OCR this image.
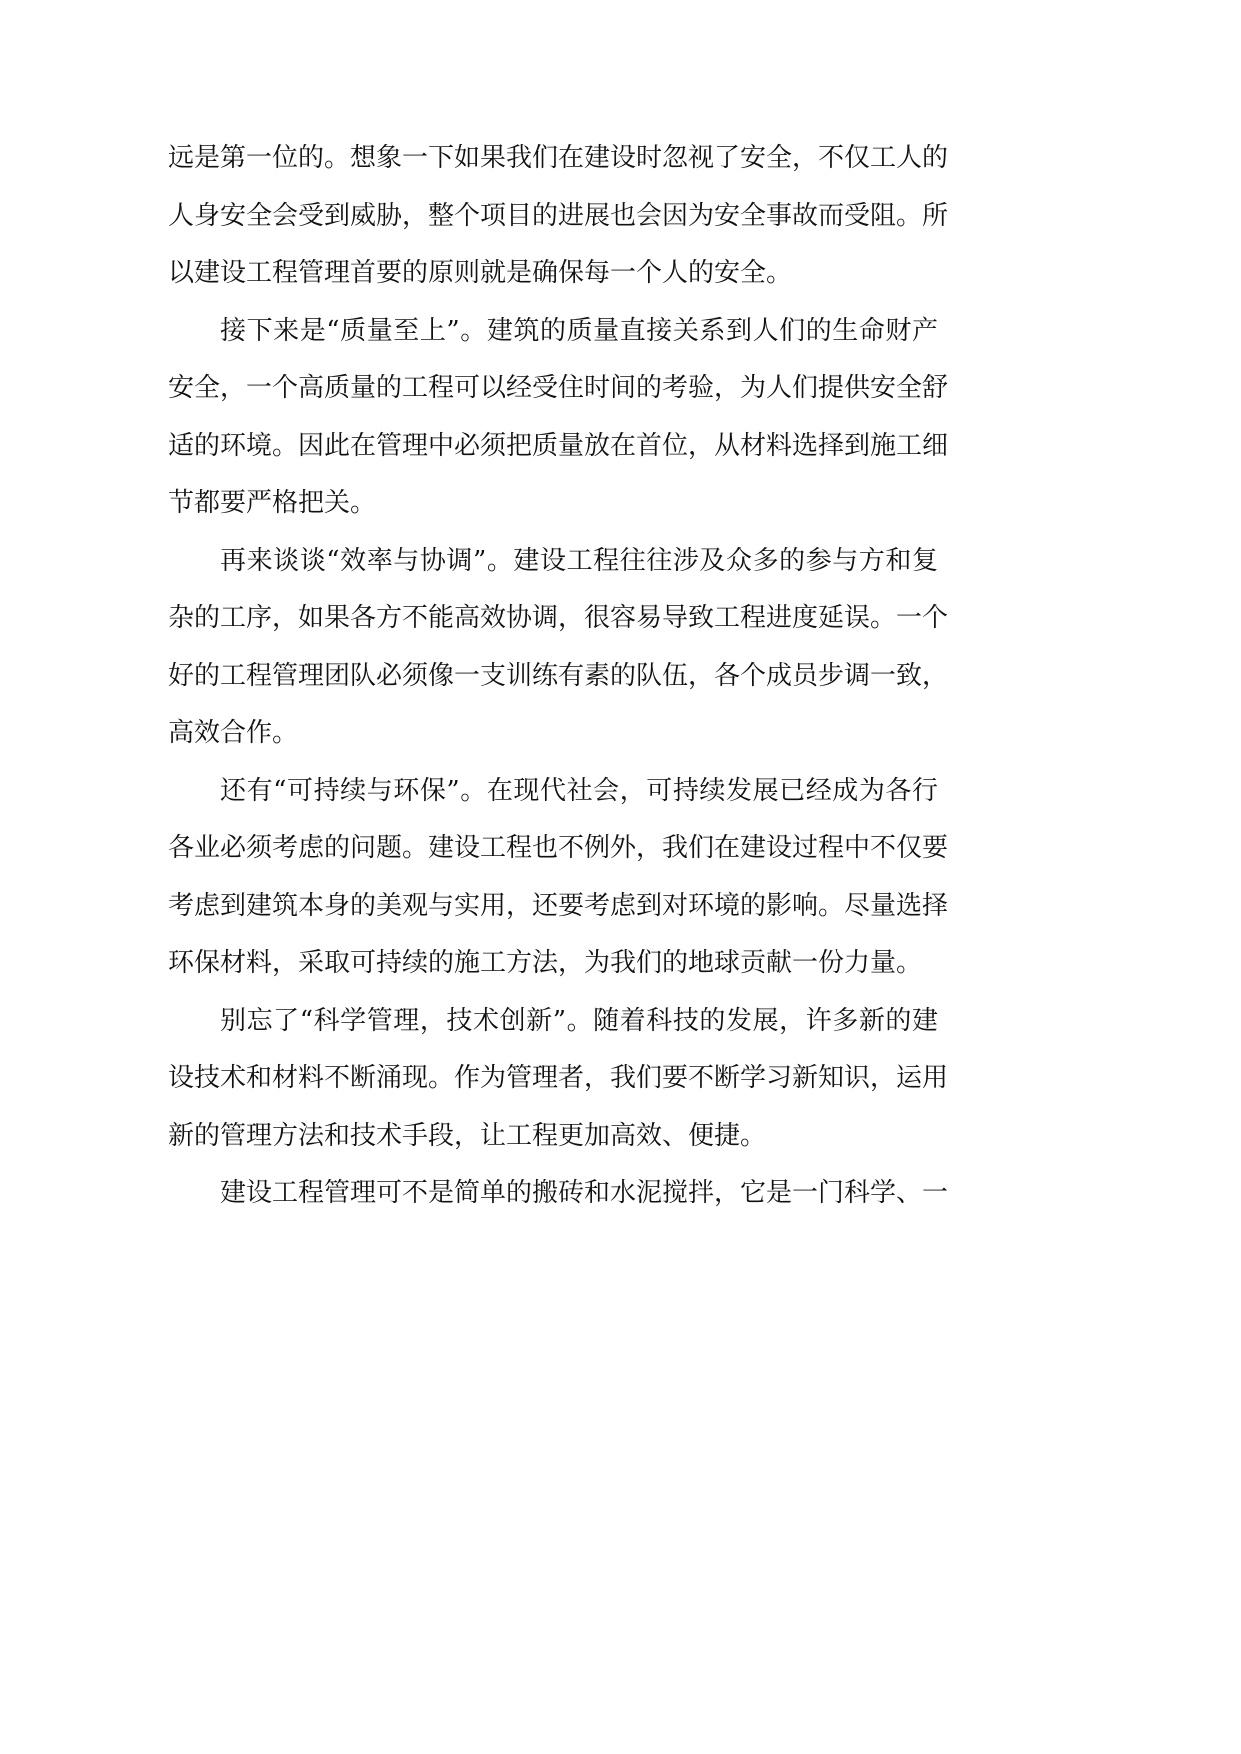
远是第一位的。想象一下如果我们在建设时忽视了安全，不仅工人的
人身安全会受到威胁，整个项目的进展也会因为安全事故而受阻。所
以建设工程管理首要的原则就是确保每一个人的安全。
接下来是“质量至上”。建筑的质量直接关系到人们的生命财产
安全，一个高质量的工程可以经受住时间的考验，为人们提供安全舒
适的环境。因此在管理中必须把质量放在首位，从材料选择到施工细
节都要严格把关。
再来谈谈“效率与协调”。建设工程往往涉及众多的参与方和复
杂的工序，如果各方不能高效协调，很容易导致工程进度延误。一个
好的工程管理团队必须像一支训练有素的队伍，各个成员步调一致，
高效合作。
还有“可持续与环保”。在现代社会，可持续发展已经成为各行
各业必须考虑的问题。建设工程也不例外，我们在建设过程中不仅要
考虑到建筑本身的美观与实用，还要考虑到对环境的影响。尽量选择
环保材料，采取可持续的施工方法，为我们的地球贡献一份力量。
别忘了“科学管理，技术创新”。随着科技的发展，许多新的建
设技术和材料不断涌现。作为管理者，我们要不断学习新知识，运用
新的管理方法和技术手段，让工程更加高效、便捷。
建设工程管理可不是简单的搬砖和水泥搅拌，它是一门科学、一
